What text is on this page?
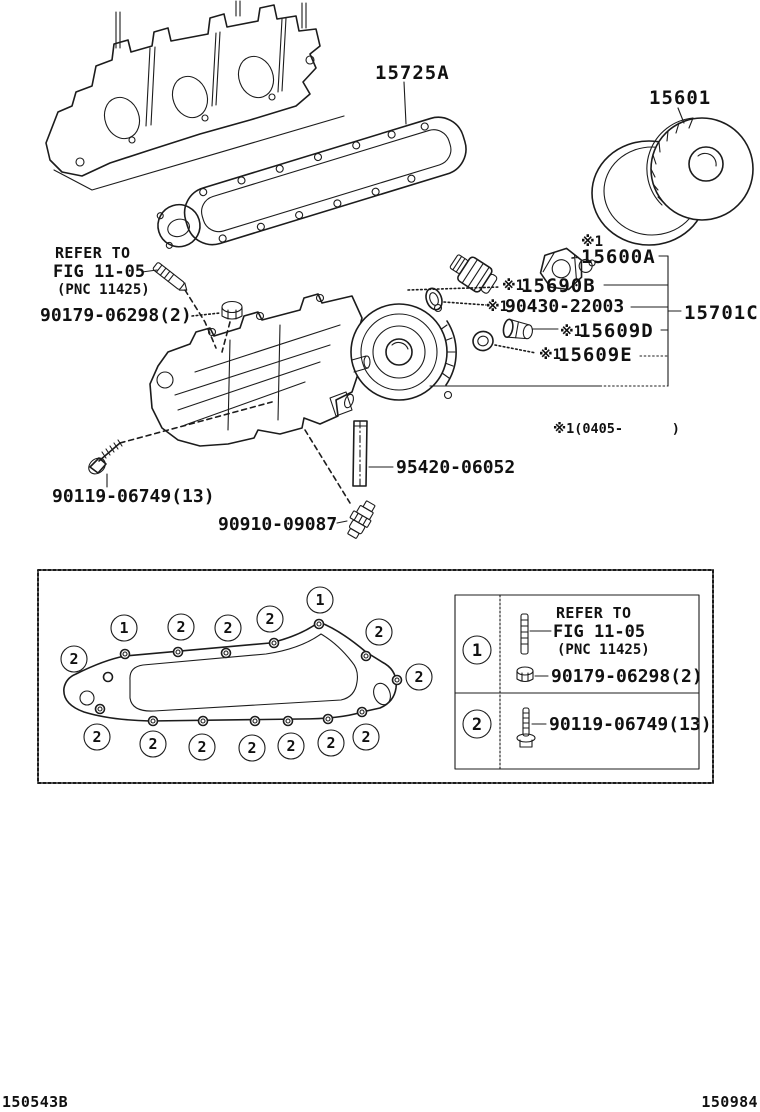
15725A
15601
REFER TO
FIG 11-05
(PNC 11425)
90179-06298(2)
※1
15600A
※1
15690B
※1
90430-22003
※1
15609D
※1
15609E
15701C
※1(0405-      )
95420-06052
90119-06749(13)
90910-09087
2
1	2	2 2
1
2
2
2	2	2	2 2 2 2
1
REFER TO
FIG 11-05
(PNC 11425)
90179-06298(2)
2	90119-06749(13)
150543B	150984
